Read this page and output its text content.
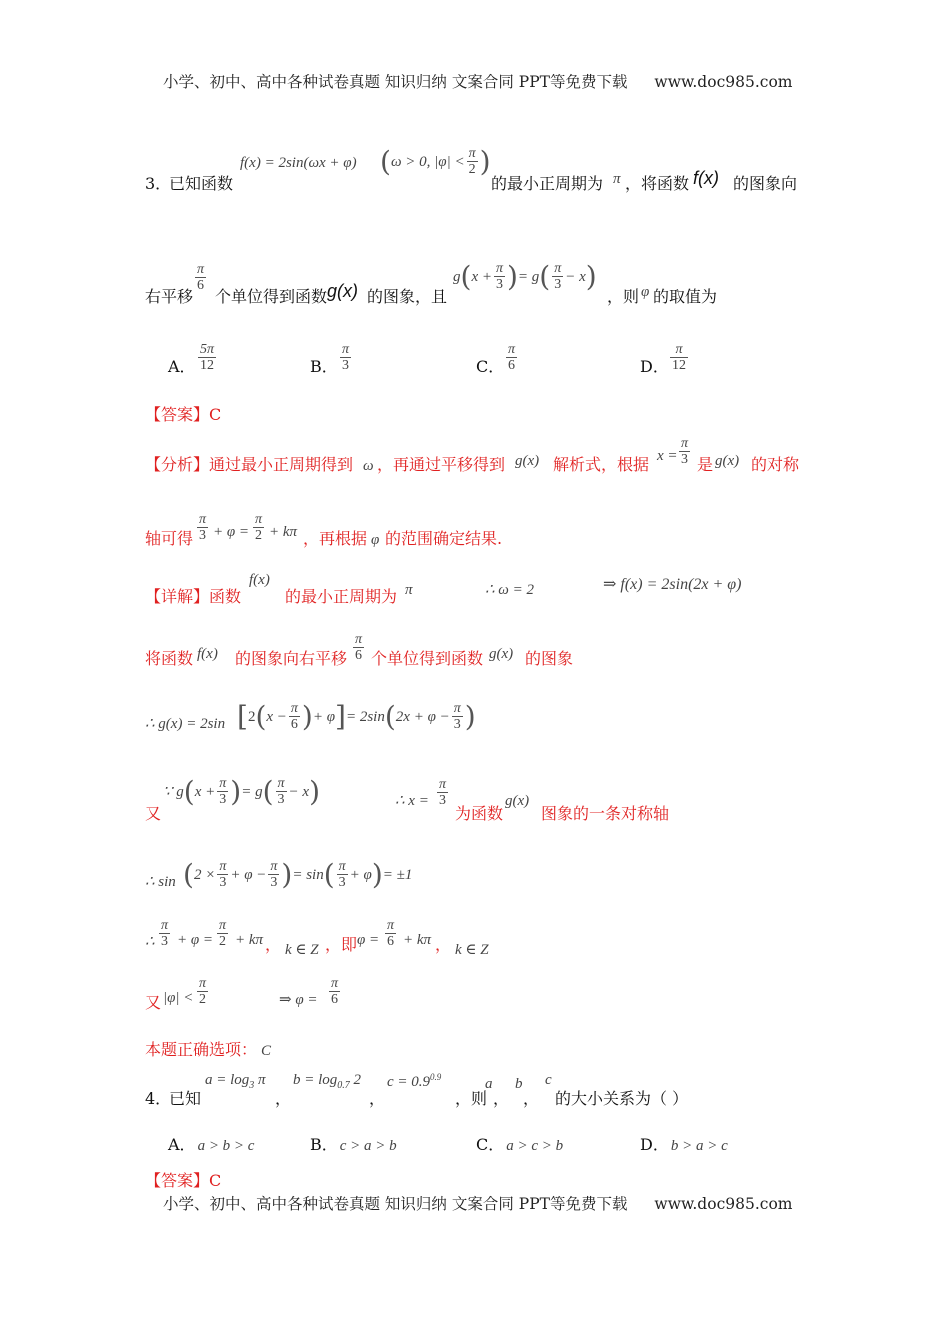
小学、初中、高中各种试卷真题 知识归纳 文案合同 PPT等免费下载 www.doc985.com
3．
已知函数
f(x) = 2sin(ωx + φ) (ω > 0, $|\varphi| < \frac{\pi}{2}$ )
的最小正周期为 π ，将函数 f(x) 的图象向
右平移
$\frac{\pi}{6}$
个单位得到函数 g(x) 的图象，且
$g(x + \frac{\pi}{3}$ )= $g( \frac{\pi}{3} - x)$
，则 φ 的取值为
A． $\frac{5\pi}{12}$	B． $\frac{\pi}{3}$	C． $\frac{\pi}{6}$	D． $\frac{\pi}{12}$
【答案】C
【分析】通过最小正周期得到 ω ，再通过平移得到 g(x) 解析式，根据 $x = \frac{\pi}{3}$ 是 g(x) 的对称
轴可得 $\frac{\pi}{3} + \varphi = \frac{\pi}{2} + k\pi$ ，再根据 φ 的范围确定结果.
【详解】函数
f(x)
的最小正周期为 π	∴ ω = 2	⇒ f(x) = 2sin(2x + φ)
将函数 f(x) 的图象向右平移 $\frac{\pi}{6}$ 个单位得到函数 g(x) 的图象
∴ g(x) = 2sin [$2(x - \frac{\pi}{6}$ )+ $\varphi]= 2\sin(2x + \varphi - \frac{\pi}{3}$ )
又
∵ $g(x + \frac{\pi}{3}$ )= $g( \frac{\pi}{3} - x)$	∴ $x = \frac{\pi}{3}$
为函数
g(x)
图象的一条对称轴
∴ $\sin (2 \times \frac{\pi}{3} + \varphi - \frac{\pi}{3}$ )= $\sin( \frac{\pi}{3} + \varphi)= \pm 1$
∴ $\frac{\pi}{3} + \varphi = \frac{\pi}{2} + k\pi$ ， k ∈ Z ，即 $\varphi = \frac{\pi}{6} + k\pi$ ， k ∈ Z
又 $|\varphi| < \frac{\pi}{2}$	⇒ $\varphi = \frac{\pi}{6}$
本题正确选项： C
4．
已知
$a = \log_3 \pi$
，
$b = \log_{0.7} 2$
，
$c = 0.9^{0.9}$
，则
a
，
b
，
c
的大小关系为（ ）
A． a > b > c	B． c > a > b	C． a > c > b	D． b > a > c
【答案】C
小学、初中、高中各种试卷真题 知识归纳 文案合同 PPT等免费下载 www.doc985.com
